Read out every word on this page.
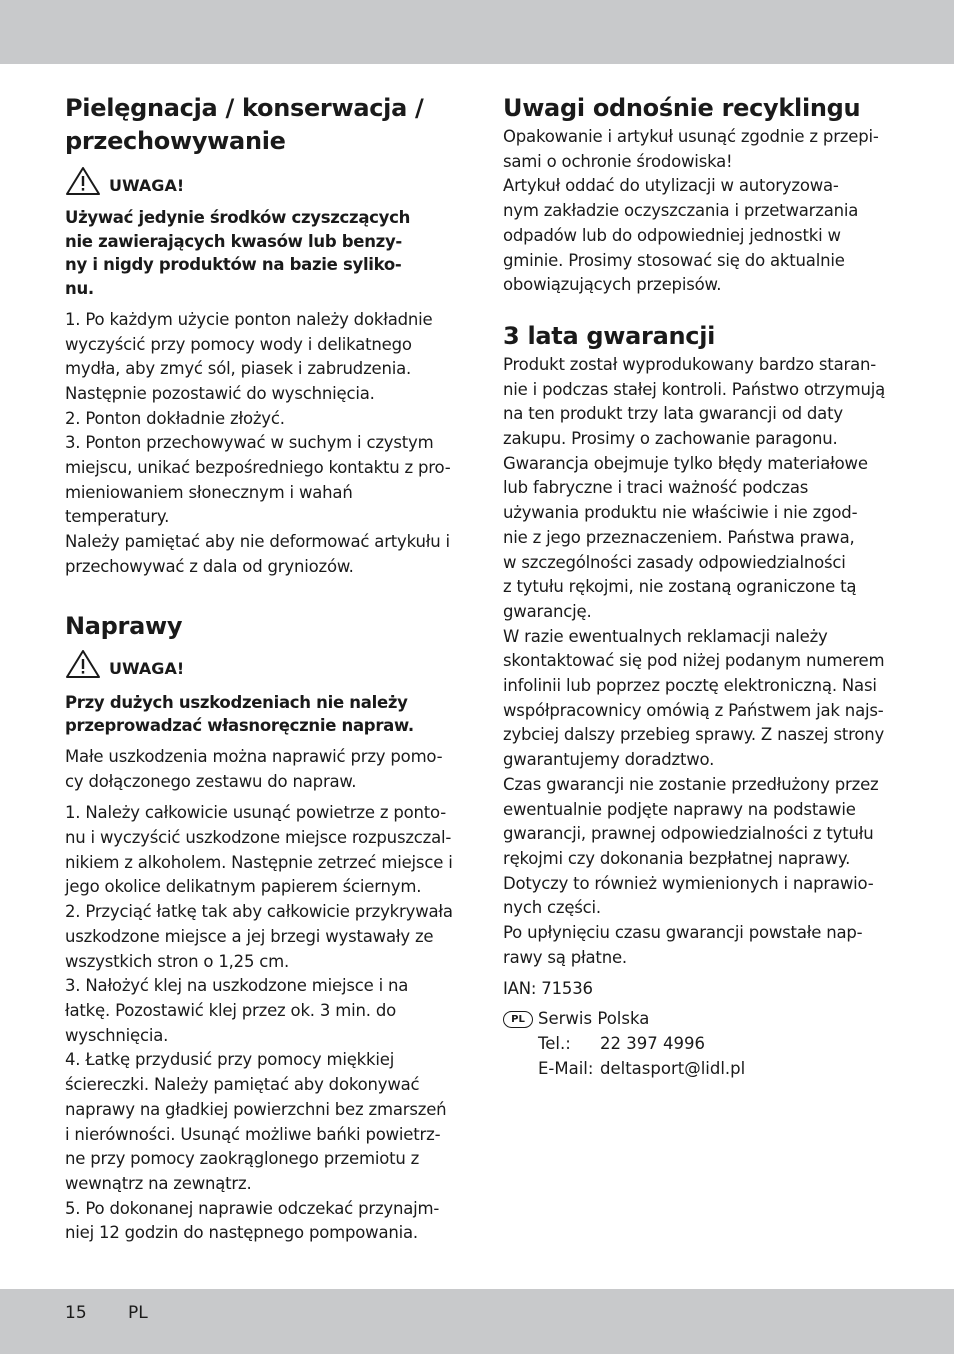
Pielęgnacja / konserwacja /
przechowywanie
UWAGA!

Używać jedynie środków czyszczących
nie zawierających kwasów lub benzy-
ny i nigdy produktów na bazie syliko-
nu.

1. Po każdym użycie ponton należy dokładnie
wyczyścić przy pomocy wody i delikatnego
mydła, aby zmyć sól, piasek i zabrudzenia.
Następnie pozostawić do wyschnięcia.
2. Ponton dokładnie złożyć.
3. Ponton przechowywać w suchym i czystym
miejscu, unikać bezpośredniego kontaktu z pro-
mieniowaniem słonecznym i wahań temperatury.
Należy pamiętać aby nie deformować artykułu i
przechowywać z dala od gryniozów.

Naprawy
UWAGA!

Przy dużych uszkodzeniach nie należy
przeprowadzać własnoręcznie napraw.

Małe uszkodzenia można naprawić przy pomo-
cy dołączonego zestawu do napraw.

1. Należy całkowicie usunąć powietrze z ponto-
nu i wyczyścić uszkodzone miejsce rozpuszczal-
nikiem z alkoholem. Następnie zetrzeć miejsce i
jego okolice delikatnym papierem ściernym.
2. Przyciąć łatkę tak aby całkowicie przykrywała
uszkodzone miejsce a jej brzegi wystawały ze
wszystkich stron o 1,25 cm.
3. Nałożyć klej na uszkodzone miejsce i na
łatkę. Pozostawić klej przez ok. 3 min. do
wyschnięcia.
4. Łatkę przydusić przy pomocy miękkiej
ściereczki. Należy pamiętać aby dokonywać
naprawy na gładkiej powierzchni bez zmarszeń
i nierówności. Usunąć możliwe bańki powietrz-
ne przy pomocy zaokrąglonego przemiotu z
wewnątrz na zewnątrz.
5. Po dokonanej naprawie odczekać przynajm-
niej 12 godzin do następnego pompowania.

Uwagi odnośnie recyklingu

Opakowanie i artykuł usunąć zgodnie z przepi-
sami o ochronie środowiska!
Artykuł oddać do utylizacji w autoryzowa-
nym zakładzie oczyszczania i przetwarzania
odpadów lub do odpowiedniej jednostki w
gminie. Prosimy stosować się do aktualnie
obowiązujących przepisów.

3 lata gwarancji

Produkt został wyprodukowany bardzo staran-
nie i podczas stałej kontroli. Państwo otrzymują
na ten produkt trzy lata gwarancji od daty
zakupu. Prosimy o zachowanie paragonu.
Gwarancja obejmuje tylko błędy materiałowe
lub fabryczne i traci ważność podczas
używania produktu nie właściwie i nie zgod-
nie z jego przeznaczeniem. Państwa prawa,
w szczególności zasady odpowiedzialności
z tytułu rękojmi, nie zostaną ograniczone tą
gwarancję.
W razie ewentualnych reklamacji należy
skontaktować się pod niżej podanym numerem
infolinii lub poprzez pocztę elektroniczną. Nasi
współpracownicy omówią z Państwem jak najs-
zybciej dalszy przebieg sprawy. Z naszej strony
gwarantujemy doradztwo.
Czas gwarancji nie zostanie przedłużony przez
ewentualnie podjęte naprawy na podstawie
gwarancji, prawnej odpowiedzialności z tytułu
rękojmi czy dokonania bezpłatnej naprawy.
Dotyczy to również wymienionych i naprawio-
nych części.
Po upłynięciu czasu gwarancji powstałe nap-
rawy są płatne.

IAN: 71536

PL Serwis Polska
Tel.:	22 397 4996
E-Mail: deltasport@lidl.pl
15 PL
